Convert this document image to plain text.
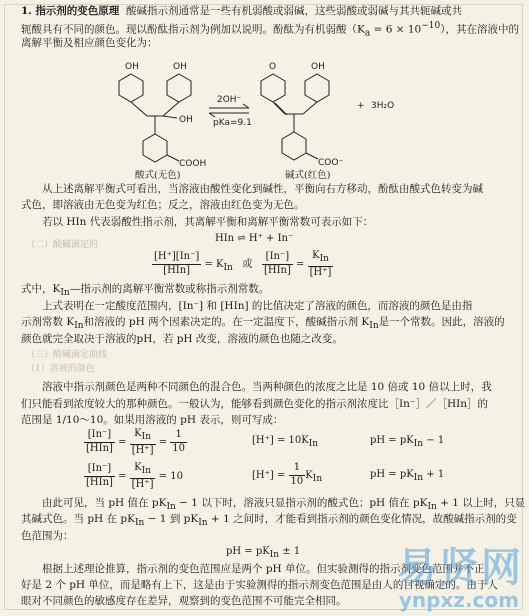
1. 指示剂的变色原理 酸碱指示剂通常是一些有机弱酸或弱碱，这些弱酸或弱碱与其共轭碱或共
轭酸具有不同的颜色。现以酚酞指示剂为例加以说明。酚酞为有机弱酸$(K_a = 6 \times 10^{-10})$，其在溶液中的
离解平衡及相应颜色变化为：
OH	OH
OH
COOH
O	OH
COO⁻
2OH⁻
pKa=9.1
+ 3H₂O
酸式(无色)	碱式(红色)
从上述离解平衡式可看出，当溶液由酸性变化到碱性，平衡向右方移动，酚酞由酸式色转变为碱
式色，即溶液由无色变为红色；反之，溶液由红色变为无色。
若以 HIn 代表弱酸性指示剂，其离解平衡和离解平衡常数可表示如下：
（二）酸碱滴定的
HIn ⇌ H⁺ + In⁻
$\frac{[H^+][In^-]}{\text{[HIn]}} = K_{In}$ 或 $\frac{[In^-]}{\text{[HIn]}} = \frac{K_{In}}{[H^+]}$
式中，$K_{In}—$指示剂的离解平衡常数或称指示剂常数。
上式表明在一定酸度范围内，[In⁻] 和 [HIn] 的比值决定了溶液的颜色，而溶液的颜色是由指
示剂常数 $K_{In}$和溶液的 pH 两个因素决定的。在一定温度下，酸碱指示剂 $K_{In}$是一个常数。因此，溶液的
颜色就完全取决于溶液的pH，若 pH 改变，溶液的颜色也随之改变。
（三）酸碱滴定曲线
（1）溶液的颜色
溶液中指示剂颜色是两种不同颜色的混合色。当两种颜色的浓度之比是 10 倍或 10 倍以上时，我
们只能看到浓度较大的那种颜色。一般认为，能够看到颜色变化的指示剂浓度比［In⁻］／［HIn］的
范围是 1/10～10。如果用溶液的 pH 表示，则可写成：
$\frac{[In^-]}{\text{[HIn]}} = \frac{K_{In}}{[H^+]} = \frac{1}{10}$	$[H^+] = 10K_{In}$	pH = $pK_{In} - 1$
$\frac{[In^-]}{\text{[HIn]}} = \frac{K_{In}}{[H^+]} = 10$	$[H^+] = \frac{1}{10} K_{In}$	pH = $pK_{In} + 1$
由此可见，当 pH 值在 $pK_{In} - 1$ 以下时，溶液只显指示剂的酸式色；pH 值在 $pK_{In} + 1$ 以上时，只显
其碱式色。当 pH 在 $pK_{In} - 1$ 到 $pK_{In} + 1$ 之间时，才能看到指示剂的颜色变化情况，故酸碱指示剂的变
色范围为：
pH = $pK_{In} \pm 1$
根据上述理论推算，指示剂的变色范围应是两个 pH 单位。但实验测得的指示剂变色范围并不正
好是 2 个 pH 单位，而是略有上下，这是由于实验测得的指示剂变色范围是由人的目视确定的。由于人
眼对不同颜色的敏感度存在差异，观察到的变色范围不可能完全相同。
易贤网
ynpxz.com
